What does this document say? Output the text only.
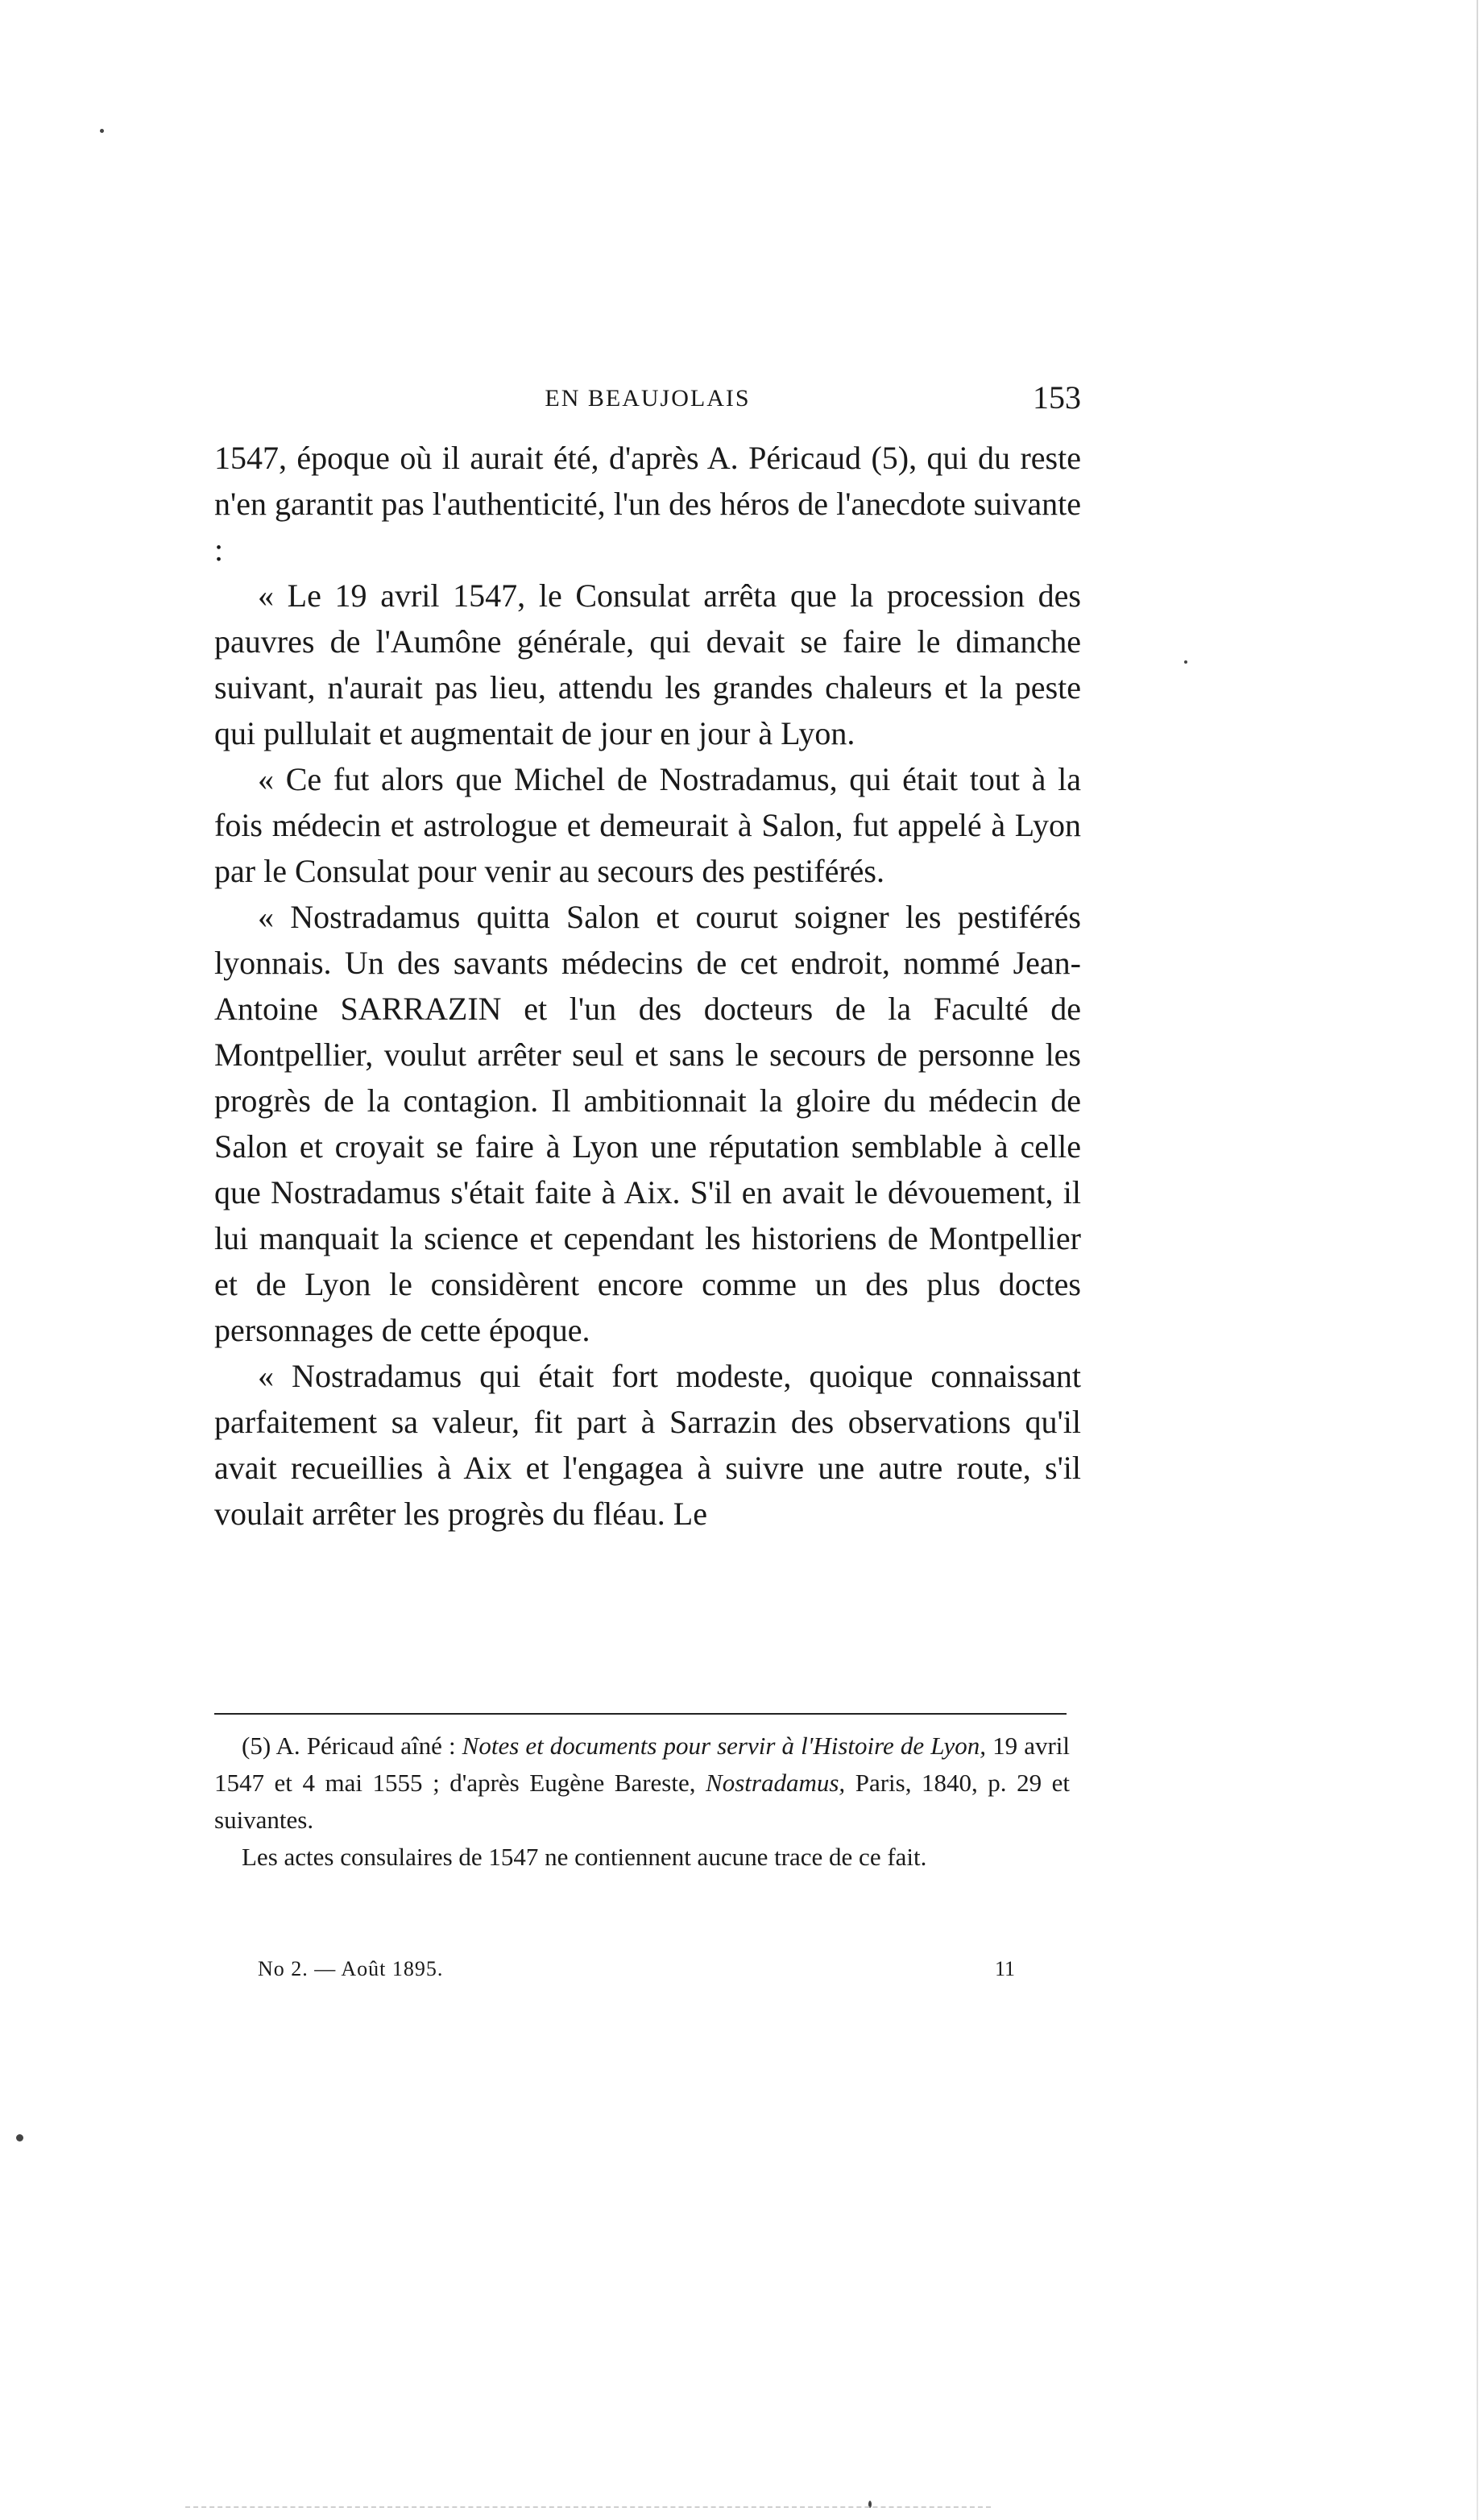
EN BEAUJOLAIS	153

1547, époque où il aurait été, d'après A. Péricaud (5), qui du reste n'en garantit pas l'authenticité, l'un des héros de l'anecdote suivante :

« Le 19 avril 1547, le Consulat arrêta que la procession des pauvres de l'Aumône générale, qui devait se faire le dimanche suivant, n'aurait pas lieu, attendu les grandes chaleurs et la peste qui pullulait et augmentait de jour en jour à Lyon.

« Ce fut alors que Michel de Nostradamus, qui était tout à la fois médecin et astrologue et demeurait à Salon, fut appelé à Lyon par le Consulat pour venir au secours des pestiférés.

« Nostradamus quitta Salon et courut soigner les pestiférés lyonnais. Un des savants médecins de cet endroit, nommé Jean-Antoine SARRAZIN et l'un des docteurs de la Faculté de Montpellier, voulut arrêter seul et sans le secours de personne les progrès de la contagion. Il ambitionnait la gloire du médecin de Salon et croyait se faire à Lyon une réputation semblable à celle que Nostradamus s'était faite à Aix. S'il en avait le dévouement, il lui manquait la science et cependant les historiens de Montpellier et de Lyon le considèrent encore comme un des plus doctes personnages de cette époque.

« Nostradamus qui était fort modeste, quoique connaissant parfaitement sa valeur, fit part à Sarrazin des observations qu'il avait recueillies à Aix et l'engagea à suivre une autre route, s'il voulait arrêter les progrès du fléau. Le

(5) A. Péricaud aîné : Notes et documents pour servir à l'Histoire de Lyon, 19 avril 1547 et 4 mai 1555 ; d'après Eugène Bareste, Nostradamus, Paris, 1840, p. 29 et suivantes.

Les actes consulaires de 1547 ne contiennent aucune trace de ce fait.

No 2. — Août 1895.	11
